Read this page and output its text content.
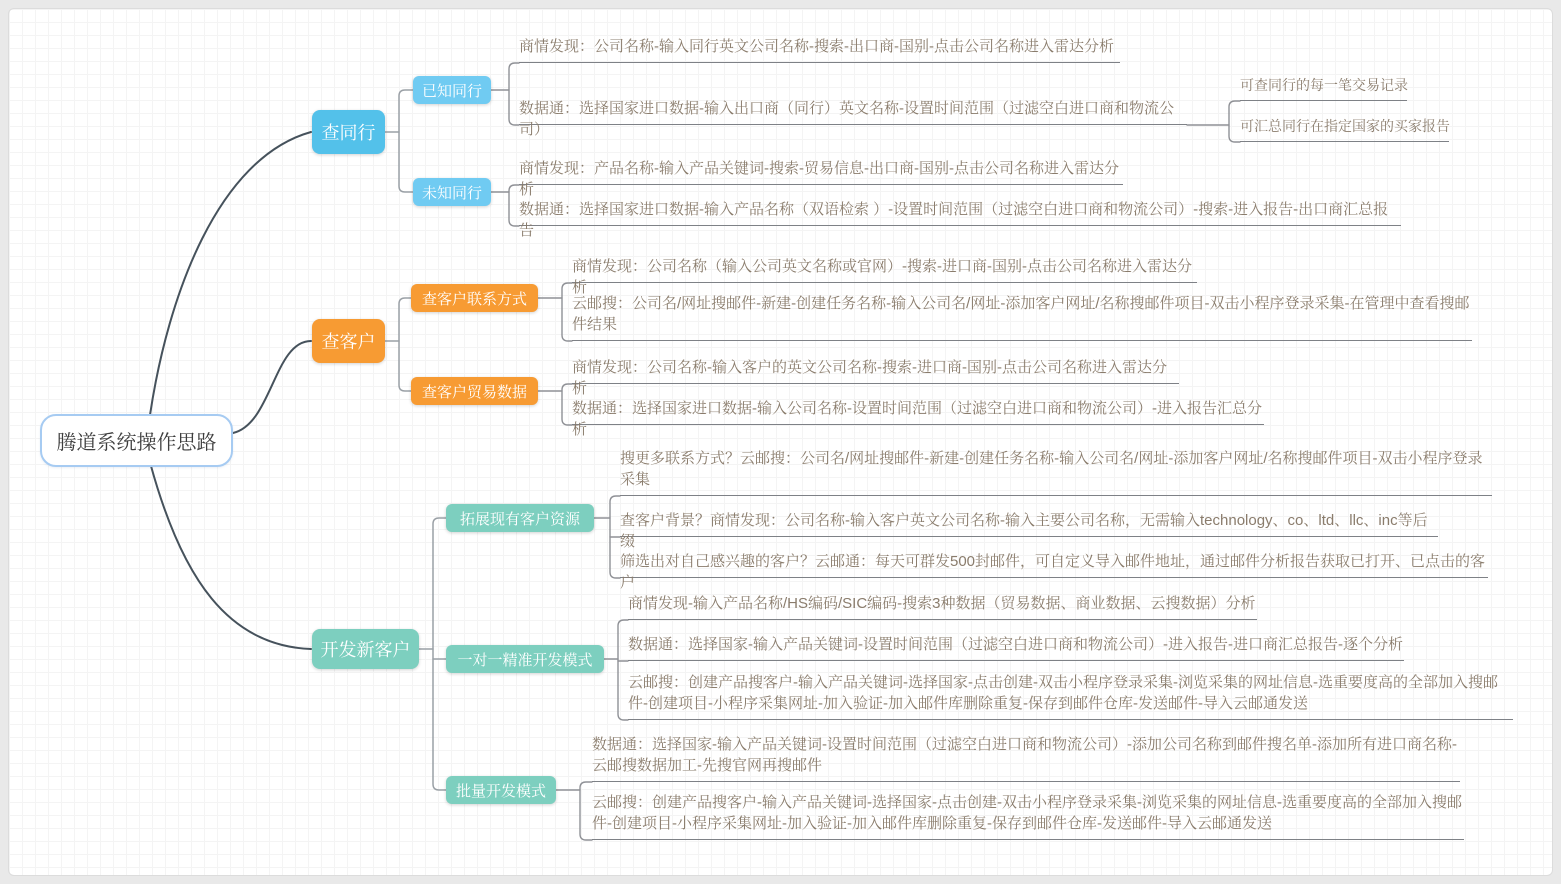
腾道系统操作思路
查同行
已知同行
未知同行
商情发现：公司名称-输入同行英文公司名称-搜索-出口商-国别-点击公司名称进入雷达分析
数据通：选择国家进口数据-输入出口商（同行）英文名称-设置时间范围（过滤空白进口商和物流公司）
可查同行的每一笔交易记录
可汇总同行在指定国家的买家报告
商情发现：产品名称-输入产品关键词-搜索-贸易信息-出口商-国别-点击公司名称进入雷达分析
数据通：选择国家进口数据-输入产品名称（双语检索 ）-设置时间范围（过滤空白进口商和物流公司）-搜索-进入报告-出口商汇总报告
查客户
查客户联系方式
查客户贸易数据
商情发现：公司名称（输入公司英文名称或官网）-搜索-进口商-国别-点击公司名称进入雷达分析
云邮搜：公司名/网址搜邮件-新建-创建任务名称-输入公司名/网址-添加客户网址/名称搜邮件项目-双击小程序登录采集-在管理中查看搜邮件结果
商情发现：公司名称-输入客户的英文公司名称-搜索-进口商-国别-点击公司名称进入雷达分析
数据通：选择国家进口数据-输入公司名称-设置时间范围（过滤空白进口商和物流公司）-进入报告汇总分析
开发新客户
拓展现有客户资源
一对一精准开发模式
批量开发模式
搜更多联系方式？云邮搜：公司名/网址搜邮件-新建-创建任务名称-输入公司名/网址-添加客户网址/名称搜邮件项目-双击小程序登录采集
查客户背景？商情发现：公司名称-输入客户英文公司名称-输入主要公司名称，无需输入technology、co、ltd、llc、inc等后缀
筛选出对自己感兴趣的客户？云邮通：每天可群发500封邮件，可自定义导入邮件地址，通过邮件分析报告获取已打开、已点击的客户
商情发现-输入产品名称/HS编码/SIC编码-搜索3种数据（贸易数据、商业数据、云搜数据）分析
数据通：选择国家-输入产品关键词-设置时间范围（过滤空白进口商和物流公司）-进入报告-进口商汇总报告-逐个分析
云邮搜：创建产品搜客户-输入产品关键词-选择国家-点击创建-双击小程序登录采集-浏览采集的网址信息-选重要度高的全部加入搜邮件-创建项目-小程序采集网址-加入验证-加入邮件库删除重复-保存到邮件仓库-发送邮件-导入云邮通发送
数据通：选择国家-输入产品关键词-设置时间范围（过滤空白进口商和物流公司）-添加公司名称到邮件搜名单-添加所有进口商名称-云邮搜数据加工-先搜官网再搜邮件
云邮搜：创建产品搜客户-输入产品关键词-选择国家-点击创建-双击小程序登录采集-浏览采集的网址信息-选重要度高的全部加入搜邮件-创建项目-小程序采集网址-加入验证-加入邮件库删除重复-保存到邮件仓库-发送邮件-导入云邮通发送
